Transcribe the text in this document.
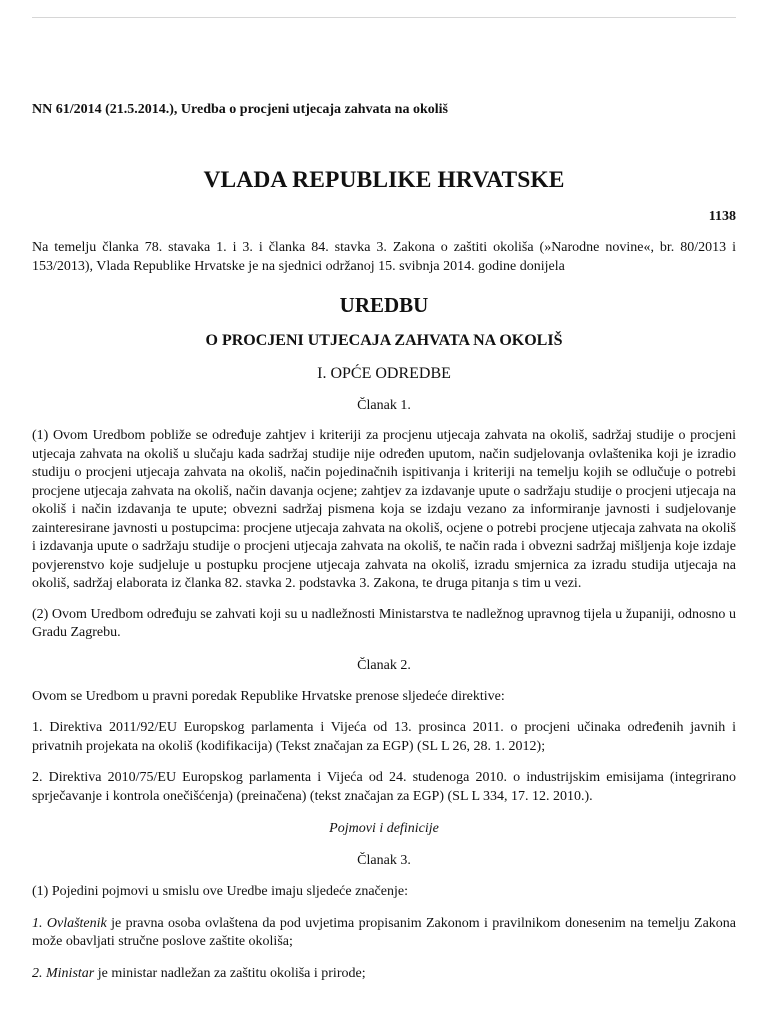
NN 61/2014 (21.5.2014.), Uredba o procjeni utjecaja zahvata na okoliš

VLADA REPUBLIKE HRVATSKE
1138

Na temelju članka 78. stavaka 1. i 3. i članka 84. stavka 3. Zakona o zaštiti okoliša (»Narodne novine«, br. 80/2013 i 153/2013), Vlada Republike Hrvatske je na sjednici održanoj 15. svibnja 2014. godine donijela

UREDBU
O PROCJENI UTJECAJA ZAHVATA NA OKOLIŠ
I. OPĆE ODREDBE
Članak 1.

(1) Ovom Uredbom pobliže se određuje zahtjev i kriteriji za procjenu utjecaja zahvata na okoliš, sadržaj studije o procjeni utjecaja zahvata na okoliš u slučaju kada sadržaj studije nije određen uputom, način sudjelovanja ovlaštenika koji je izradio studiju o procjeni utjecaja zahvata na okoliš, način pojedinačnih ispitivanja i kriteriji na temelju kojih se odlučuje o potrebi procjene utjecaja zahvata na okoliš, način davanja ocjene; zahtjev za izdavanje upute o sadržaju studije o procjeni utjecaja na okoliš i način izdavanja te upute; obvezni sadržaj pismena koja se izdaju vezano za informiranje javnosti i sudjelovanje zainteresirane javnosti u postupcima: procjene utjecaja zahvata na okoliš, ocjene o potrebi procjene utjecaja zahvata na okoliš i izdavanja upute o sadržaju studije o procjeni utjecaja zahvata na okoliš, te način rada i obvezni sadržaj mišljenja koje izdaje povjerenstvo koje sudjeluje u postupku procjene utjecaja zahvata na okoliš, izradu smjernica za izradu studija utjecaja na okoliš, sadržaj elaborata iz članka 82. stavka 2. podstavka 3. Zakona, te druga pitanja s tim u vezi.

(2) Ovom Uredbom određuju se zahvati koji su u nadležnosti Ministarstva te nadležnog upravnog tijela u županiji, odnosno u Gradu Zagrebu.

Članak 2.

Ovom se Uredbom u pravni poredak Republike Hrvatske prenose sljedeće direktive:

1. Direktiva 2011/92/EU Europskog parlamenta i Vijeća od 13. prosinca 2011. o procjeni učinaka određenih javnih i privatnih projekata na okoliš (kodifikacija) (Tekst značajan za EGP) (SL L 26, 28. 1. 2012);

2. Direktiva 2010/75/EU Europskog parlamenta i Vijeća od 24. studenoga 2010. o industrijskim emisijama (integrirano sprječavanje i kontrola onečišćenja) (preinačena) (tekst značajan za EGP) (SL L 334, 17. 12. 2010.).

Pojmovi i definicije
Članak 3.

(1) Pojedini pojmovi u smislu ove Uredbe imaju sljedeće značenje:

1. Ovlaštenik je pravna osoba ovlaštena da pod uvjetima propisanim Zakonom i pravilnikom donesenim na temelju Zakona može obavljati stručne poslove zaštite okoliša;

2. Ministar je ministar nadležan za zaštitu okoliša i prirode;
